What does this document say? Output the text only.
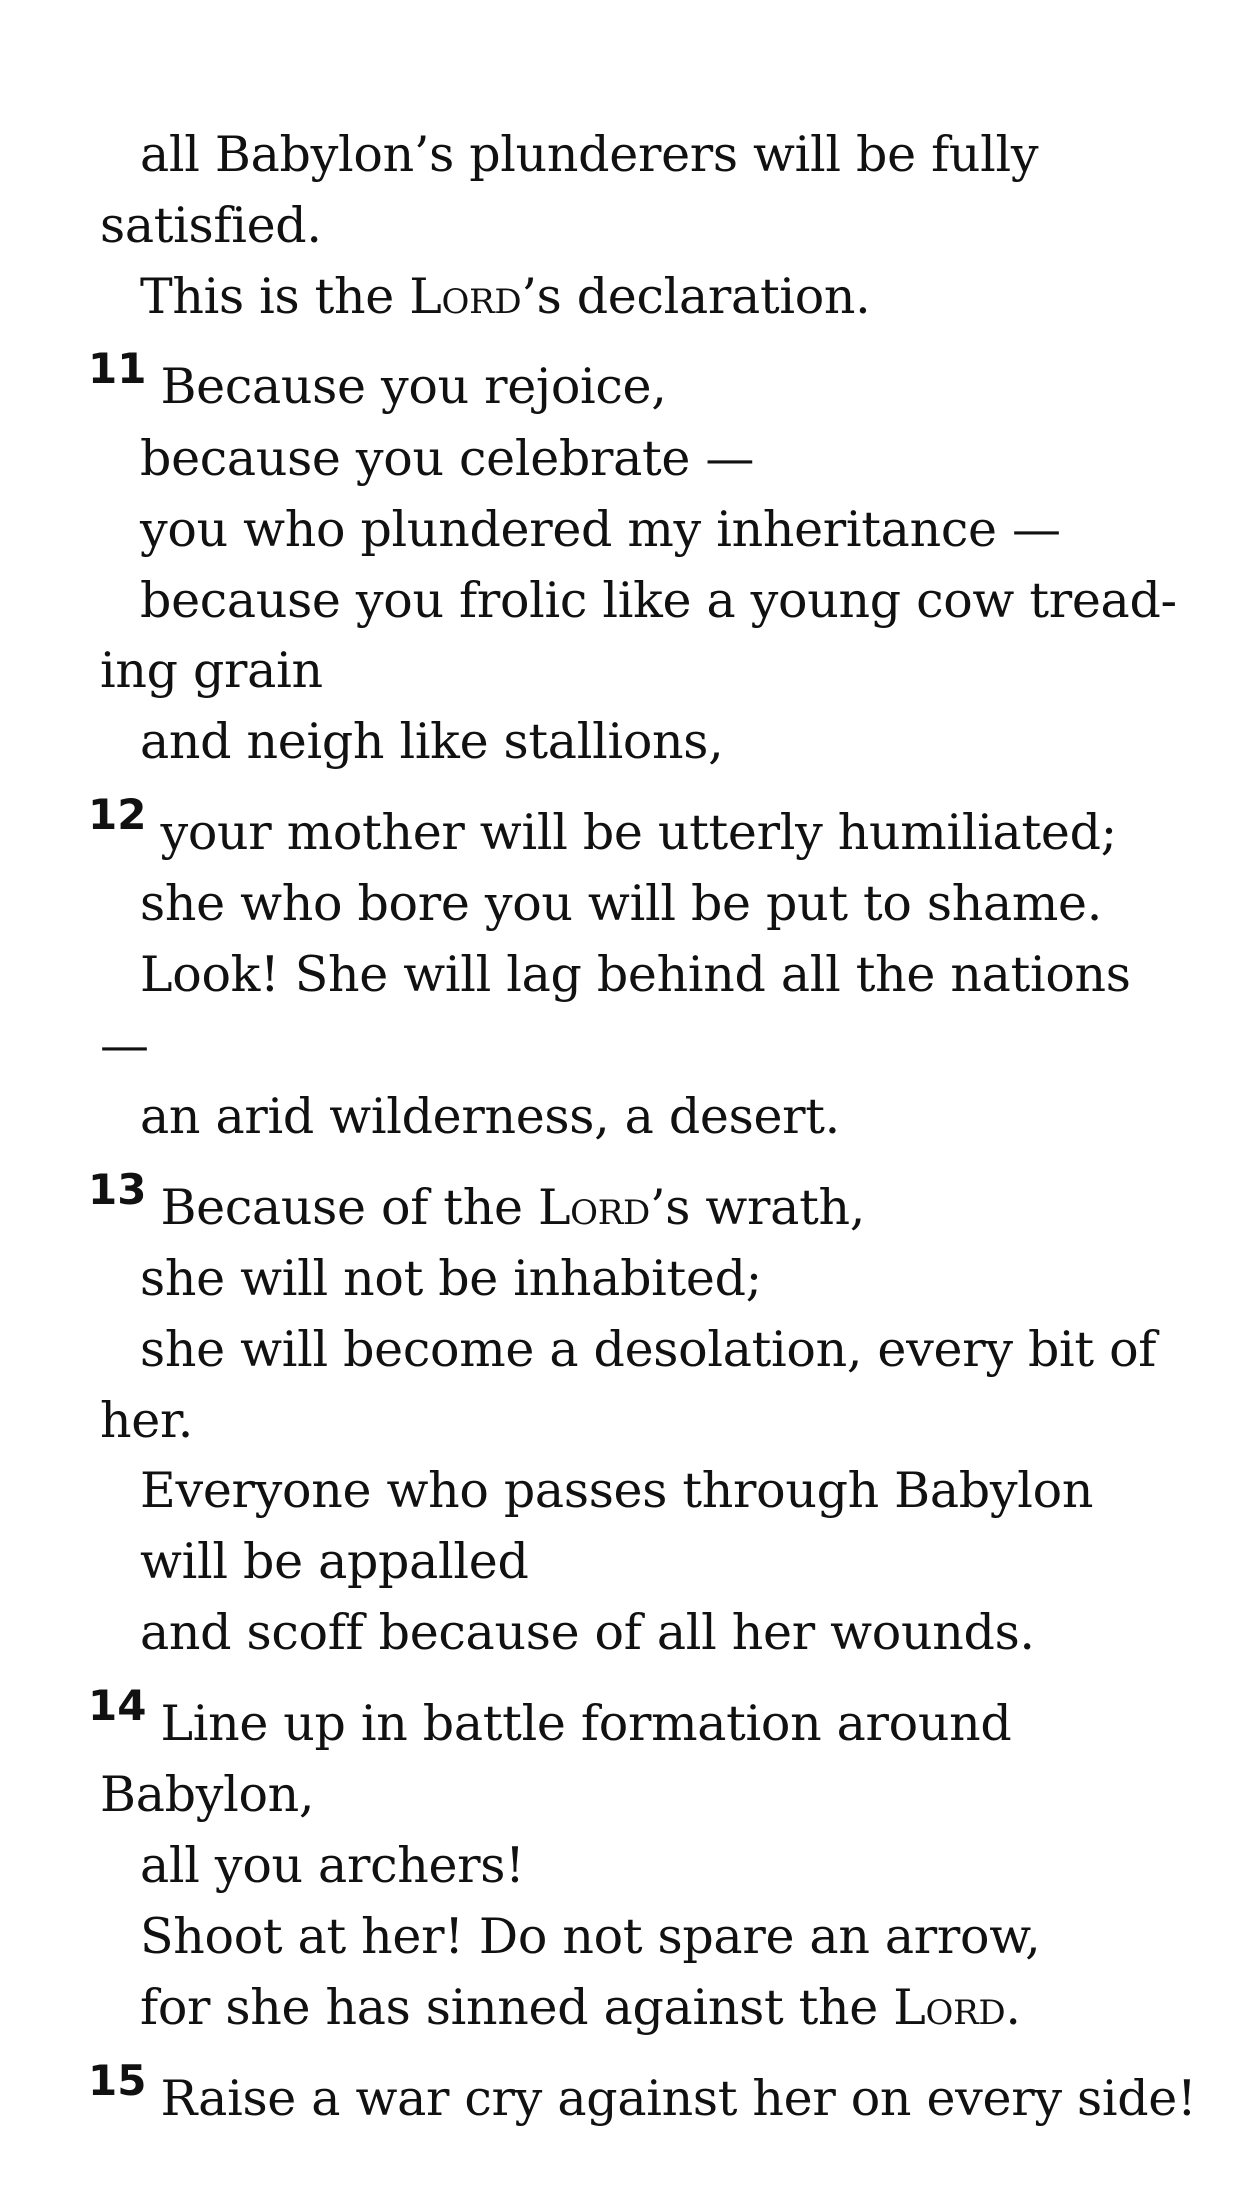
all Babylon’s plunderers will be fully
satisfied.
This is the Lord’s declaration.
11 Because you rejoice,
because you celebrate —
you who plundered my inheritance —
because you frolic like a young cow tread-
ing grain
and neigh like stallions,
12 your mother will be utterly humiliated;
she who bore you will be put to shame.
Look! She will lag behind all the nations
—
an arid wilderness, a desert.
13 Because of the Lord’s wrath,
she will not be inhabited;
she will become a desolation, every bit of
her.
Everyone who passes through Babylon
will be appalled
and scoff because of all her wounds.
14 Line up in battle formation around
Babylon,
all you archers!
Shoot at her! Do not spare an arrow,
for she has sinned against the Lord.
15 Raise a war cry against her on every side!
